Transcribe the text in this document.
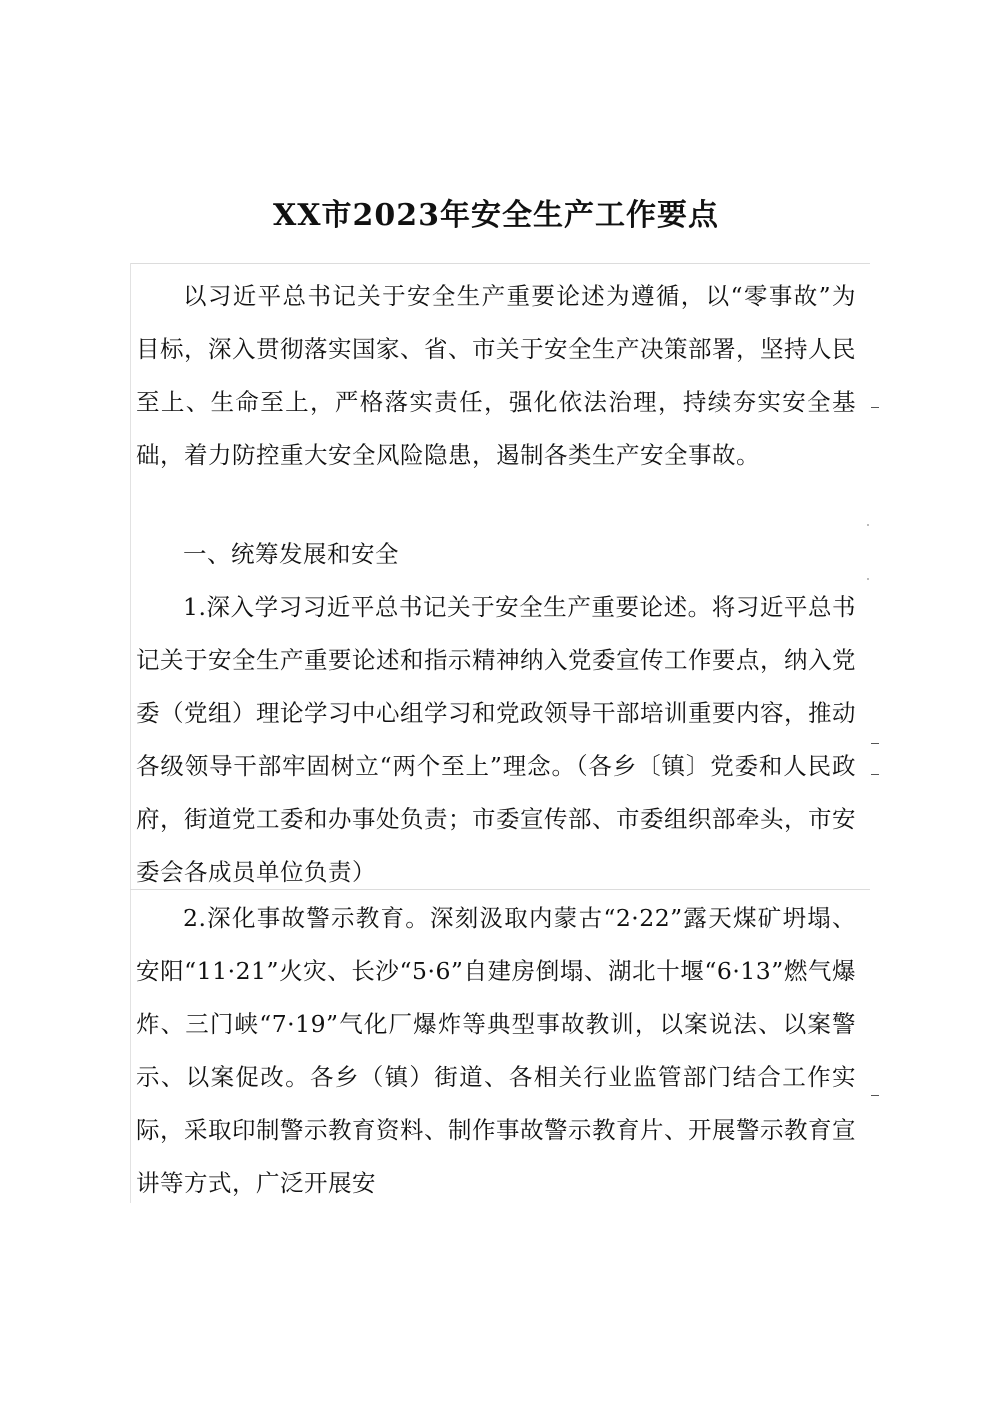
XX市2023年安全生产工作要点

以习近平总书记关于安全生产重要论述为遵循，以“零事故”为目标，深入贯彻落实国家、省、市关于安全生产决策部署，坚持人民至上、生命至上，严格落实责任，强化依法治理，持续夯实安全基础，着力防控重大安全风险隐患，遏制各类生产安全事故。

一、统筹发展和安全

1.深入学习习近平总书记关于安全生产重要论述。将习近平总书记关于安全生产重要论述和指示精神纳入党委宣传工作要点，纳入党委（党组）理论学习中心组学习和党政领导干部培训重要内容，推动各级领导干部牢固树立“两个至上”理念。（各乡〔镇〕党委和人民政府，街道党工委和办事处负责；市委宣传部、市委组织部牵头，市安委会各成员单位负责）

2.深化事故警示教育。深刻汲取内蒙古“2·22”露天煤矿坍塌、安阳“11·21”火灾、长沙“5·6”自建房倒塌、湖北十堰“6·13”燃气爆炸、三门峡“7·19”气化厂爆炸等典型事故教训，以案说法、以案警示、以案促改。各乡（镇）街道、各相关行业监管部门结合工作实际，采取印制警示教育资料、制作事故警示教育片、开展警示教育宣讲等方式，广泛开展安
